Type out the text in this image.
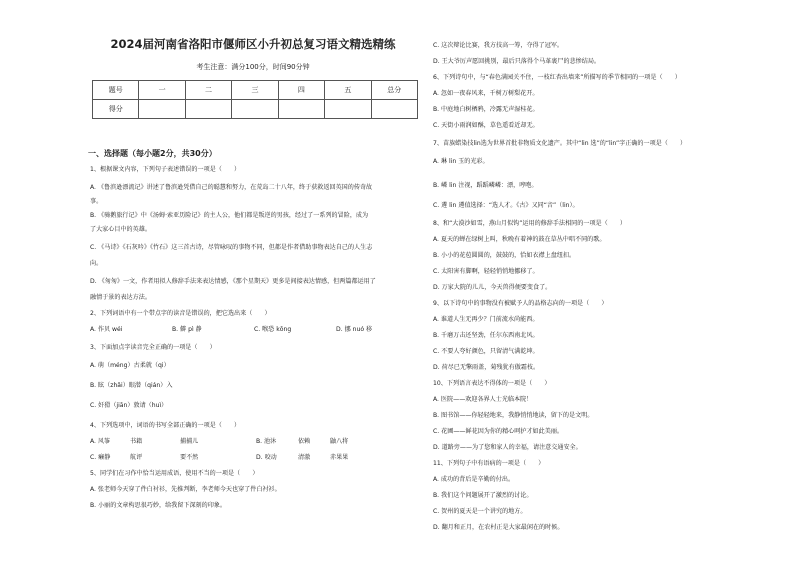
2024届河南省洛阳市偃师区小升初总复习语文精选精练
考生注意：满分100分，时间90分钟
题号	一	二	三	四	五	总分
得分						
一、选择题（每小题2分，共30分）
1、根据课文内容，下列句子表述错误的一项是（　　）
A. 《鲁滨逊漂流记》讲述了鲁滨逊凭借自己的聪慧和努力，在荒岛二十八年，终于获救返回英国的传奇故
事。
B. 《骑鹅旅行记》中《汤姆·索亚历险记》的主人公，他们都是叛逆的男孩，经过了一系列的冒险，成为
了大家心目中的英雄。
C. 《马诗》《石灰吟》《竹石》这三首古诗，尽管咏叹的事物不同，但都是作者借助事物表达自己的人生志
向。
D. 《匆匆》一文，作者用拟人修辞手法来表达情感，《那个星期天》更多是间接表达情感，但两篇都运用了
融情于景的表达方法。
2、下列词语中有一个带点字的读音是错误的，把它选出来（　　）
A. 作贝 wéi	B. 僻 pì 静	C. 喉恐 kōng	D. 挪 nuó 移
3、下面加点字读音完全正确的一项是（　　）
A. 萌（méng）古柔就（qi）
B. 眩（zhǎi）眼潜（qián）入
C. 奸猾（jiān）敦请（huì）
4、下列选项中，词语的书写全部正确的一项是（　　）
A. 风筝	书籍	捕捕儿	B. 池沐	依赖	鼬八将
C. 癞静	航评	要不然	D. 咬动	清澈	赤果果
5、同学们在习作中恰当运用成语，使用不当的一项是（　　）
A. 张老师今天穿了件白衬衫，先推判断，李老师今天也穿了件白衬衫。
B. 小丽的文章构思很巧妙，给我留下深刻的印象。
C. 这次辩论比赛，我方技高一筹，夺得了冠军。
D. 王大爷厉声愿回挑别，最后只落得个马革裹尸的悲惨结局。
6、下列诗句中，与“春色满园关不住，一枝红杏出墙来”所描写的季节相同的一项是（　　）
A. 忽如一夜春风来，千树万树梨花开。
B. 中庭地白树栖鸦，冷露无声湿桂花。
C. 天街小雨润如酥，草色遥看近却无。
7、苗族蜡染技lin选为世界首批非物质文化遗产。其中“lin 选”的“lin”字正确的一项是（　　）
A. 琳 lin 玉的光彩。
B. 嶙 lin 注视，蹈蹈嶙嶙：漂，哼咆。
C. 遴 lin 遴值选择：“选人才。《古》又同“音”（lin）。
8、和“大漠沙如雪，燕山月似钩”运用的修辞手法相同的一项是（　　）
A. 夏天的蝉在绿树上叫，秋晚有着神的鼓在草丛中唱不同的歌。
B. 小小的花苞圆圆的，鼓鼓的，恰如衣襟上盘纽扣。
C. 太阳害有脚啊，轻轻悄悄地挪移了。
D. 万家大院的儿儿，今天兽得便要变食了。
9、以下诗句中的事物没有被赋予人的品格志向的一项是（　　）
A. 谁道人生无再少？门前流水尚能西。
B. 千磨万击还坚劲，任尔东西南北风。
C. 不要人夸好颜色，只留清气满乾坤。
D. 荷尽已无擎雨盖，菊残犹有傲霜枝。
10、下列语言表达不得体的一项是（　　）
A. 医院——欢迎各界人士光临本院！
B. 图书馆——你轻轻地来，我静悄悄地读，留下的是文明。
C. 花圃——鲜花因为你的精心呵护才如此美丽。
D. 道路旁——为了您和家人的幸福，请注意交通安全。
11、下列句子中有语病的一项是（　　）
A. 成功的背后是辛勤的付出。
B. 我们这个问题展开了激烈的讨论。
C. 贺州的夏天是一个讲究的地方。
D. 翻月和正月，在农村正是大家最闲在的时候。
